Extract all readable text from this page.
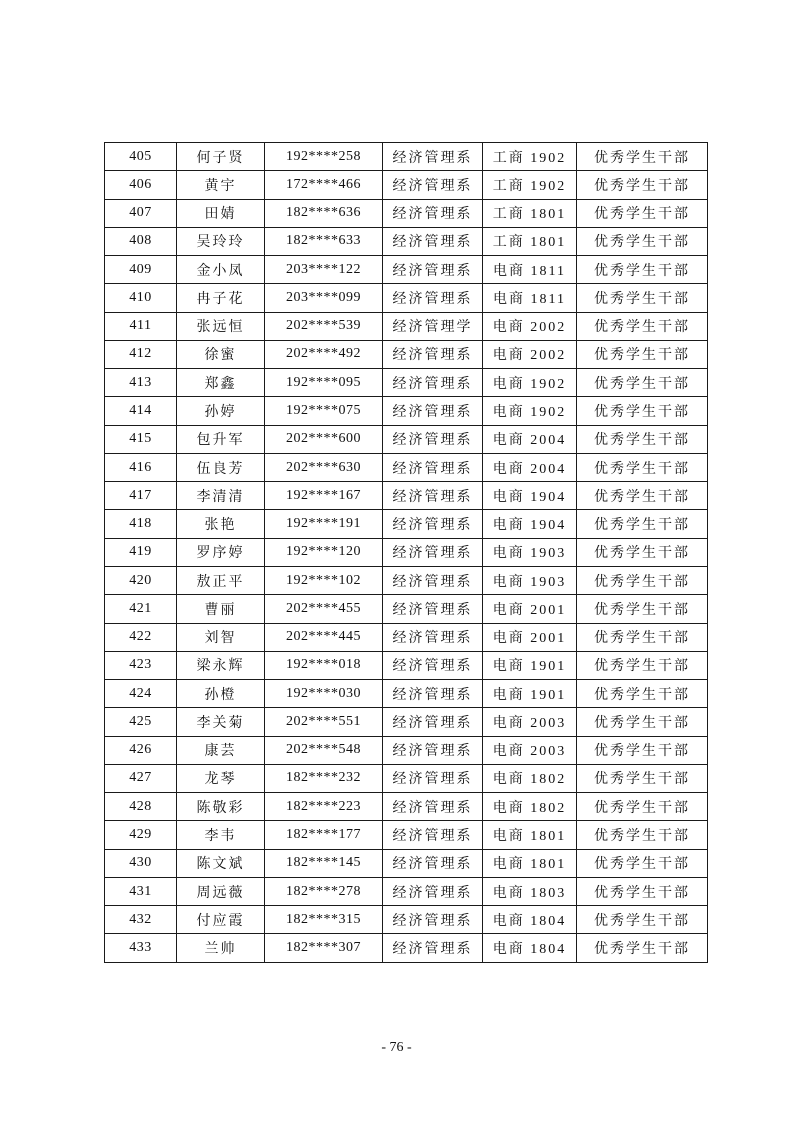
405	何子贤	192****258	经济管理系	工商 1902	优秀学生干部
406	黄宇	172****466	经济管理系	工商 1902	优秀学生干部
407	田婧	182****636	经济管理系	工商 1801	优秀学生干部
408	吴玲玲	182****633	经济管理系	工商 1801	优秀学生干部
409	金小凤	203****122	经济管理系	电商 1811	优秀学生干部
410	冉子花	203****099	经济管理系	电商 1811	优秀学生干部
411	张远恒	202****539	经济管理学	电商 2002	优秀学生干部
412	徐蜜	202****492	经济管理系	电商 2002	优秀学生干部
413	郑鑫	192****095	经济管理系	电商 1902	优秀学生干部
414	孙婷	192****075	经济管理系	电商 1902	优秀学生干部
415	包升军	202****600	经济管理系	电商 2004	优秀学生干部
416	伍良芳	202****630	经济管理系	电商 2004	优秀学生干部
417	李清清	192****167	经济管理系	电商 1904	优秀学生干部
418	张艳	192****191	经济管理系	电商 1904	优秀学生干部
419	罗序婷	192****120	经济管理系	电商 1903	优秀学生干部
420	敖正平	192****102	经济管理系	电商 1903	优秀学生干部
421	曹丽	202****455	经济管理系	电商 2001	优秀学生干部
422	刘智	202****445	经济管理系	电商 2001	优秀学生干部
423	梁永辉	192****018	经济管理系	电商 1901	优秀学生干部
424	孙橙	192****030	经济管理系	电商 1901	优秀学生干部
425	李关菊	202****551	经济管理系	电商 2003	优秀学生干部
426	康芸	202****548	经济管理系	电商 2003	优秀学生干部
427	龙琴	182****232	经济管理系	电商 1802	优秀学生干部
428	陈敬彩	182****223	经济管理系	电商 1802	优秀学生干部
429	李韦	182****177	经济管理系	电商 1801	优秀学生干部
430	陈文斌	182****145	经济管理系	电商 1801	优秀学生干部
431	周远薇	182****278	经济管理系	电商 1803	优秀学生干部
432	付应霞	182****315	经济管理系	电商 1804	优秀学生干部
433	兰帅	182****307	经济管理系	电商 1804	优秀学生干部
- 76 -
